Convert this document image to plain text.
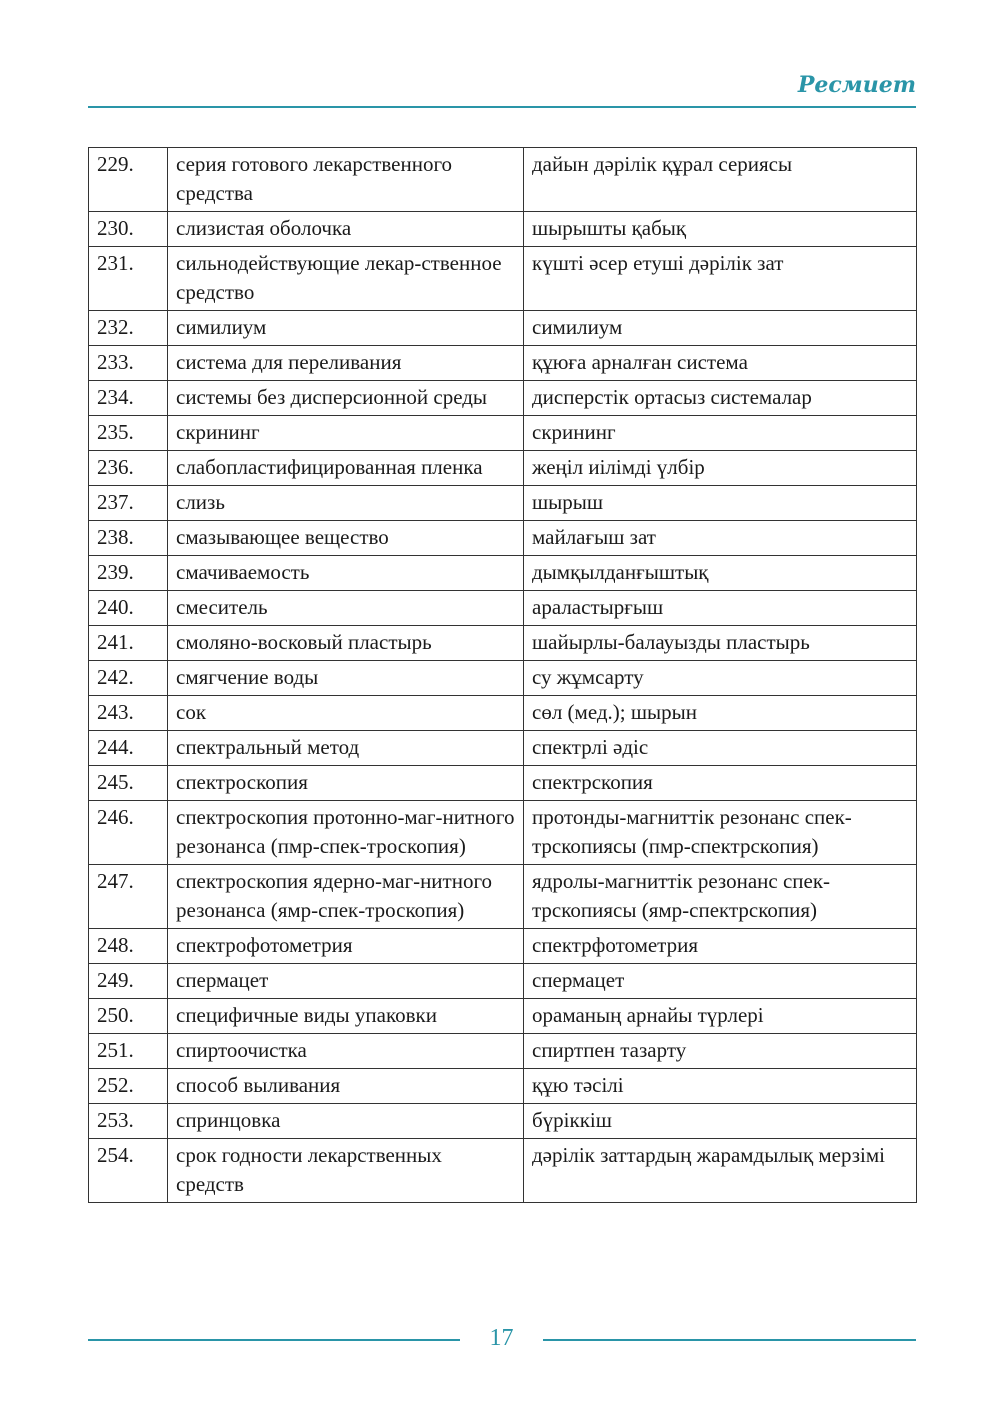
Ресмиет
229.	серия готового лекарственного средства	дайын дәрілік құрал сериясы
230.	слизистая оболочка	шырышты қабық
231.	сильнодействующие лекар-ственное средство	күшті әсер етуші дәрілік зат
232.	симилиум	симилиум
233.	система для переливания	құюға арналған система
234.	системы без дисперсионной среды	дисперстік ортасыз системалар
235.	скрининг	скрининг
236.	слабопластифицированная пленка	жеңіл иілімді үлбір
237.	слизь	шырыш
238.	смазывающее вещество	майлағыш зат
239.	смачиваемость	дымқылданғыштық
240.	смеситель	араластырғыш
241.	смоляно-восковый пластырь	шайырлы-балауызды пластырь
242.	смягчение воды	су жұмсарту
243.	сок	сөл (мед.); шырын
244.	спектральный метод	спектрлі әдіс
245.	спектроскопия	спектрскопия
246.	спектроскопия протонно-маг-нитного резонанса (пмр-спек-троскопия)	протонды-магниттік резонанс спек-трскопиясы (пмр-спектрскопия)
247.	спектроскопия ядерно-маг-нитного резонанса (ямр-спек-троскопия)	ядролы-магниттік резонанс спек-трскопиясы (ямр-спектрскопия)
248.	спектрофотометрия	спектрфотометрия
249.	спермацет	спермацет
250.	специфичные виды упаковки	ораманың арнайы түрлері
251.	спиртоочистка	спиртпен тазарту
252.	способ выливания	құю тәсілі
253.	спринцовка	бүріккіш
254.	срок годности лекарственных средств	дәрілік заттардың жарамдылық мерзімі
17
